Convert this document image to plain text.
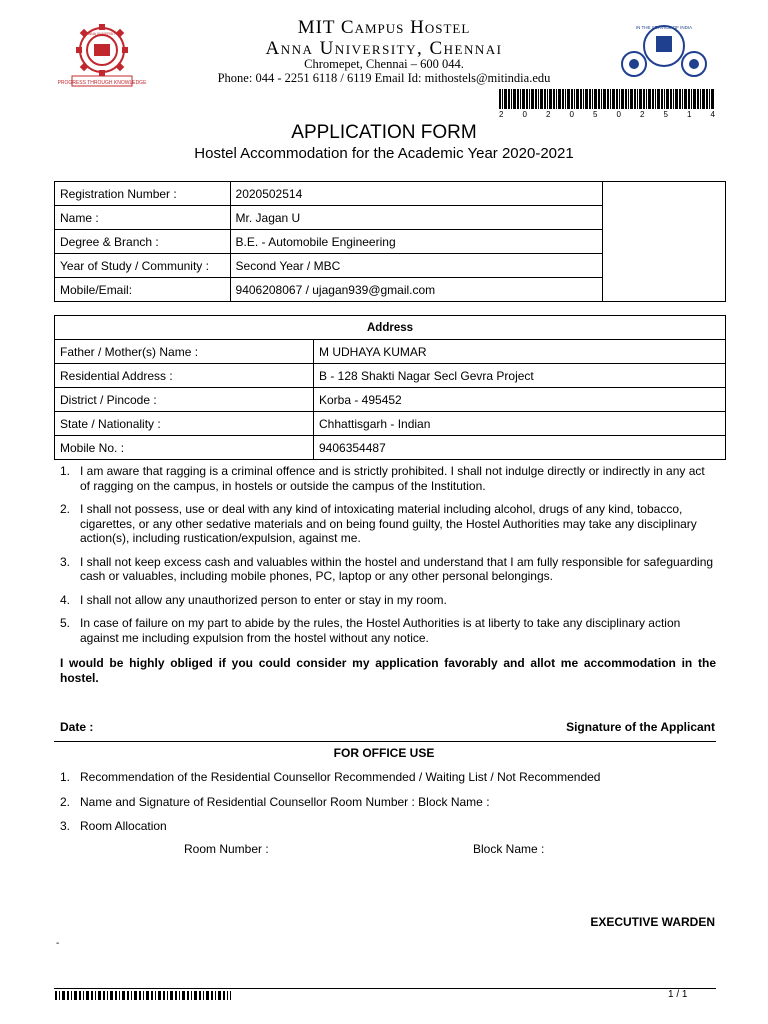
PROGRESS THROUGH KNOWLEDGE
ANNA UNIVERSITY
IN THE SERVICE OF INDIA
MIT Campus Hostel
Anna University, Chennai
Chromepet, Chennai – 600 044.
Phone: 044 - 2251 6118 / 6119 Email Id: mithostels@mitindia.edu
2 0 2 0 5 0 2 5 1 4
APPLICATION FORM
Hostel Accommodation for the Academic Year 2020-2021
Registration Number :	2020502514	
Name :	Mr. Jagan U	
Degree & Branch :	B.E. - Automobile Engineering	
Year of Study / Community :	Second Year / MBC	
Mobile/Email:	9406208067 / ujagan939@gmail.com	
Address	
Father / Mother(s) Name :	M UDHAYA KUMAR
Residential Address :	B - 128 Shakti Nagar Secl Gevra Project
District / Pincode :	Korba - 495452
State / Nationality :	Chhattisgarh - Indian
Mobile No. :	9406354487
1. I am aware that ragging is a criminal offence and is strictly prohibited. I shall not indulge directly or indirectly in any act of ragging on the campus, in hostels or outside the campus of the Institution.
2. I shall not possess, use or deal with any kind of intoxicating material including alcohol, drugs of any kind, tobacco, cigarettes, or any other sedative materials and on being found guilty, the Hostel Authorities may take any disciplinary action(s), including rustication/expulsion, against me.
3. I shall not keep excess cash and valuables within the hostel and understand that I am fully responsible for safeguarding cash or valuables, including mobile phones, PC, laptop or any other personal belongings.
4. I shall not allow any unauthorized person to enter or stay in my room.
5. In case of failure on my part to abide by the rules, the Hostel Authorities is at liberty to take any disciplinary action against me including expulsion from the hostel without any notice.
I would be highly obliged if you could consider my application favorably and allot me accommodation in the hostel.
Date :	Signature of the Applicant
FOR OFFICE USE
1. Recommendation of the Residential Counsellor Recommended / Waiting List / Not Recommended
2. Name and Signature of Residential Counsellor Room Number : Block Name :
3. Room Allocation
Room Number :	Block Name :
EXECUTIVE WARDEN
-
1 / 1
